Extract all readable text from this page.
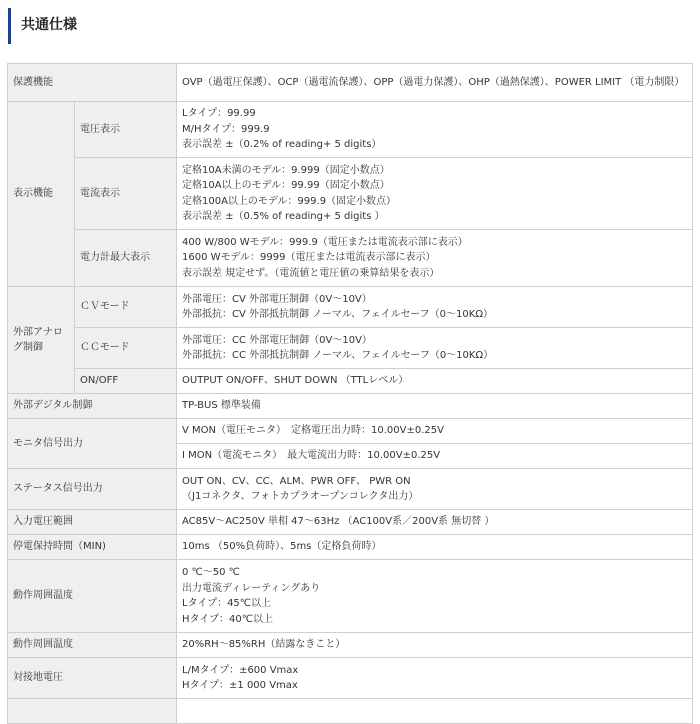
共通仕様
保護機能		OVP（過電圧保護）、OCP（過電流保護）、OPP（過電力保護）、OHP（過熱保護）、POWER LIMIT （電力制限）

表示機能	電圧表示	Lタイプ：99.99
M/Hタイプ：999.9
表示誤差 ±（0.2% of reading+ 5 digits）

	電流表示	定格10A未満のモデル：9.999（固定小数点）
定格10A以上のモデル：99.99（固定小数点）
定格100A以上のモデル：999.9（固定小数点）
表示誤差 ±（0.5% of reading+ 5 digits ）

	電力計最大表示	400 W/800 Wモデル：999.9（電圧または電流表示部に表示）
1600 Wモデル：9999（電圧または電流表示部に表示）
表示誤差 規定せず。（電流値と電圧値の乗算結果を表示）

外部アナログ制御	ＣＶモード	外部電圧：CV 外部電圧制御（0V～10V）
外部抵抗：CV 外部抵抗制御 ノーマル、フェイルセーフ（0～10KΩ）

	ＣＣモード	外部電圧：CC 外部電圧制御（0V～10V）
外部抵抗：CC 外部抵抗制御 ノーマル、フェイルセーフ（0～10KΩ）

	ON/OFF	OUTPUT ON/OFF、SHUT DOWN （TTLレベル）
外部デジタル制御		TP-BUS 標準装備
モニタ信号出力		V MON（電圧モニタ）　定格電圧出力時：10.00V±0.25V
		I MON（電流モニタ）　最大電流出力時：10.00V±0.25V
ステータス信号出力		OUT ON、CV、CC、ALM、PWR OFF、 PWR ON
（J1コネクタ、フォトカプラオープンコレクタ出力）

入力電圧範囲		AC85V～AC250V 単相 47～63Hz （AC100V系／200V系 無切替 ）
停電保持時間（MIN)		10ms （50%負荷時）、5ms（定格負荷時）
動作周囲温度		0 ℃～50 ℃
出力電流ディレーティングあり
Lタイプ：45℃以上
Hタイプ：40℃以上

動作周囲温度		20%RH～85%RH（結露なきこと）
対接地電圧		L/Mタイプ：±600 Vmax
Hタイプ：±1 000 Vmax
